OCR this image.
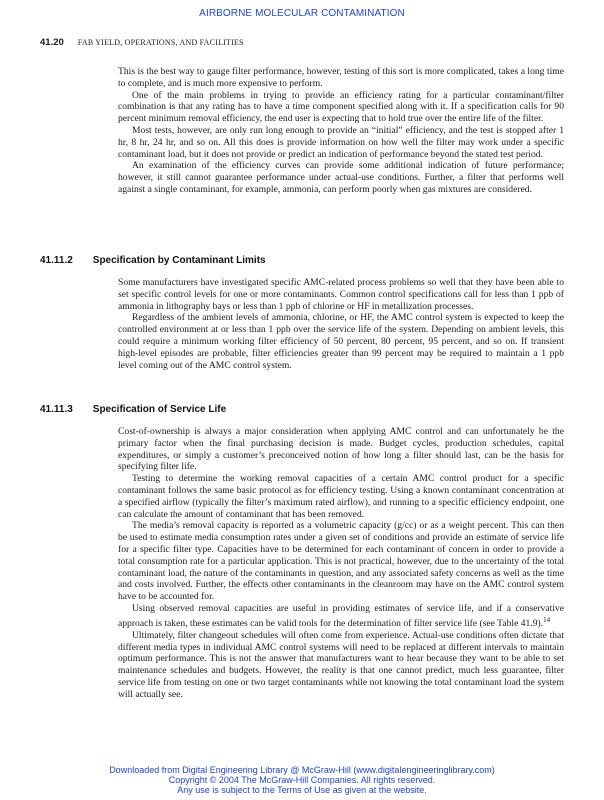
AIRBORNE MOLECULAR CONTAMINATION
41.20 FAB YIELD, OPERATIONS, AND FACILITIES

This is the best way to gauge filter performance, however, testing of this sort is more complicated, takes a long time to complete, and is much more expensive to perform.

One of the main problems in trying to provide an efficiency rating for a particular contaminant/filter combination is that any rating has to have a time component specified along with it. If a specification calls for 90 percent minimum removal efficiency, the end user is expecting that to hold true over the entire life of the filter.

Most tests, however, are only run long enough to provide an “initial” efficiency, and the test is stopped after 1 hr, 8 hr, 24 hr, and so on. All this does is provide information on how well the filter may work under a specific contaminant load, but it does not provide or predict an indication of performance beyond the stated test period.

An examination of the efficiency curves can provide some additional indication of future performance; however, it still cannot guarantee performance under actual-use conditions. Further, a filter that performs well against a single contaminant, for example, ammonia, can perform poorly when gas mixtures are considered.

41.11.2 Specification by Contaminant Limits

Some manufacturers have investigated specific AMC-related process problems so well that they have been able to set specific control levels for one or more contaminants. Common control specifications call for less than 1 ppb of ammonia in lithography bays or less than 1 ppb of chlorine or HF in metallization processes.

Regardless of the ambient levels of ammonia, chlorine, or HF, the AMC control system is expected to keep the controlled environment at or less than 1 ppb over the service life of the system. Depending on ambient levels, this could require a minimum working filter efficiency of 50 percent, 80 percent, 95 percent, and so on. If transient high-level episodes are probable, filter efficiencies greater than 99 percent may be required to maintain a 1 ppb level coming out of the AMC control system.

41.11.3 Specification of Service Life

Cost-of-ownership is always a major consideration when applying AMC control and can unfortunately be the primary factor when the final purchasing decision is made. Budget cycles, production schedules, capital expenditures, or simply a customer’s preconceived notion of how long a filter should last, can be the basis for specifying filter life.

Testing to determine the working removal capacities of a certain AMC control product for a specific contaminant follows the same basic protocol as for efficiency testing. Using a known contaminant concentration at a specified airflow (typically the filter’s maximum rated airflow), and running to a specific efficiency endpoint, one can calculate the amount of contaminant that has been removed.

The media’s removal capacity is reported as a volumetric capacity (g/cc) or as a weight percent. This can then be used to estimate media consumption rates under a given set of conditions and provide an estimate of service life for a specific filter type. Capacities have to be determined for each contaminant of concern in order to provide a total consumption rate for a particular application. This is not practical, however, due to the uncertainty of the total contaminant load, the nature of the contaminants in question, and any associated safety concerns as well as the time and costs involved. Further, the effects other contaminants in the cleanroom may have on the AMC control system have to be accounted for.

Using observed removal capacities are useful in providing estimates of service life, and if a conservative approach is taken, these estimates can be valid tools for the determination of filter service life (see Table 41.9).$^{14}$

Ultimately, filter changeout schedules will often come from experience. Actual-use conditions often dictate that different media types in individual AMC control systems will need to be replaced at different intervals to maintain optimum performance. This is not the answer that manufacturers want to hear because they want to be able to set maintenance schedules and budgets. However, the reality is that one cannot predict, much less guarantee, filter service life from testing on one or two target contaminants while not knowing the total contaminant load the system will actually see.

Downloaded from Digital Engineering Library @ McGraw-Hill (www.digitalengineeringlibrary.com)
Copyright © 2004 The McGraw-Hill Companies. All rights reserved.
Any use is subject to the Terms of Use as given at the website.
